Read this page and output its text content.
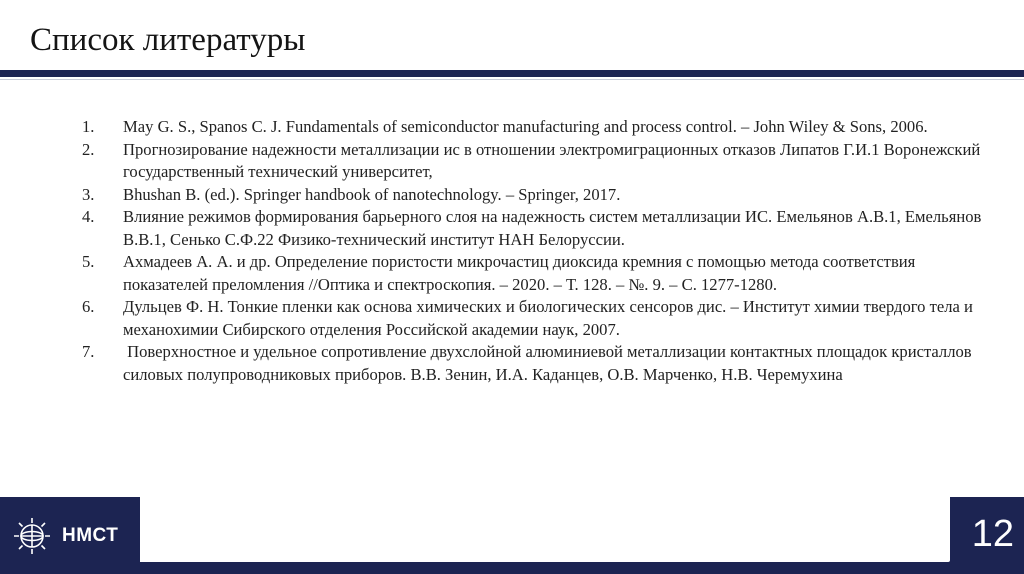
Список литературы
1. May G. S., Spanos C. J. Fundamentals of semiconductor manufacturing and process control. – John Wiley & Sons, 2006.
2. Прогнозирование надежности металлизации ис в отношении электромиграционных отказов Липатов Г.И.1 Воронежский государственный технический университет,
3. Bhushan B. (ed.). Springer handbook of nanotechnology. – Springer, 2017.
4. Влияние режимов формирования барьерного слоя на надежность систем металлизации ИС. Емельянов А.В.1, Емельянов В.В.1, Сенько С.Ф.22 Физико-технический институт НАН Белоруссии.
5. Ахмадеев А. А. и др. Определение пористости микрочастиц диоксида кремния с помощью метода соответствия показателей преломления //Оптика и спектроскопия. – 2020. – Т. 128. – №. 9. – С. 1277-1280.
6. Дульцев Ф. Н. Тонкие пленки как основа химических и биологических сенсоров дис. – Институт химии твердого тела и механохимии Сибирского отделения Российской академии наук, 2007.
7. Поверхностное и удельное сопротивление двухслойной алюминиевой металлизации контактных площадок кристаллов силовых полупроводниковых приборов. В.В. Зенин, И.А. Каданцев, О.В. Марченко, Н.В. Черемухина
НМСТ	12
